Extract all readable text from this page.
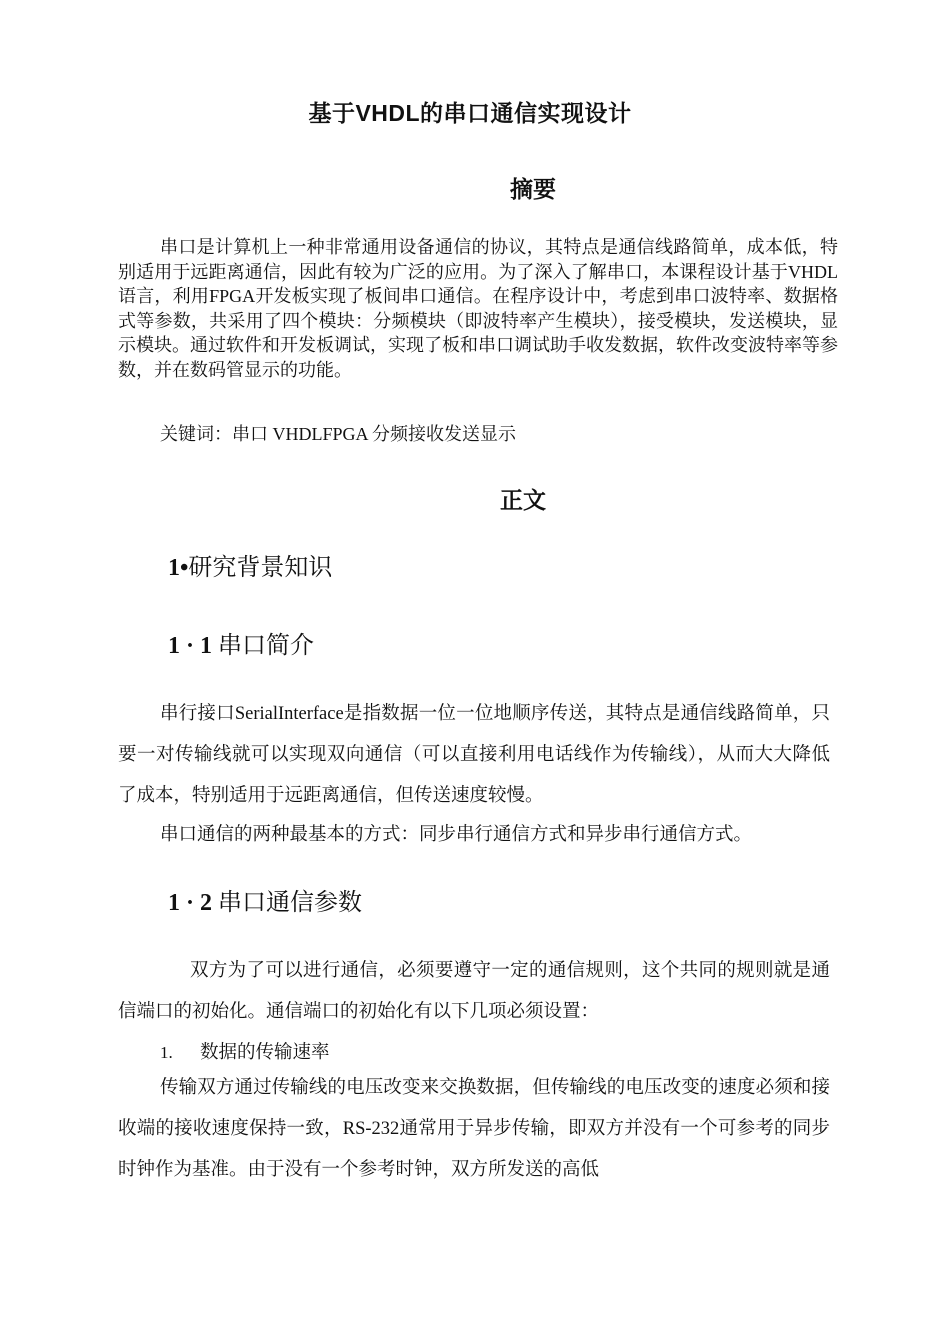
基于VHDL的串口通信实现设计
摘要

串口是计算机上一种非常通用设备通信的协议，其特点是通信线路简单，成本低，特别适用于远距离通信，因此有较为广泛的应用。为了深入了解串口，本课程设计基于VHDL语言，利用FPGA开发板实现了板间串口通信。在程序设计中，考虑到串口波特率、数据格式等参数，共采用了四个模块：分频模块（即波特率产生模块），接受模块，发送模块，显示模块。通过软件和开发板调试，实现了板和串口调试助手收发数据，软件改变波特率等参数，并在数码管显示的功能。

关键词：串口 VHDLFPGA 分频接收发送显示
正文
1•研究背景知识
1 · 1 串口简介

串行接口SerialInterface是指数据一位一位地顺序传送，其特点是通信线路简单，只要一对传输线就可以实现双向通信（可以直接利用电话线作为传输线），从而大大降低了成本，特别适用于远距离通信，但传送速度较慢。

串口通信的两种最基本的方式：同步串行通信方式和异步串行通信方式。
1 · 2 串口通信参数

双方为了可以进行通信，必须要遵守一定的通信规则，这个共同的规则就是通信端口的初始化。通信端口的初始化有以下几项必须设置：

1. 数据的传输速率

传输双方通过传输线的电压改变来交换数据，但传输线的电压改变的速度必须和接收端的接收速度保持一致，RS-232通常用于异步传输，即双方并没有一个可参考的同步时钟作为基准。由于没有一个参考时钟，双方所发送的高低
